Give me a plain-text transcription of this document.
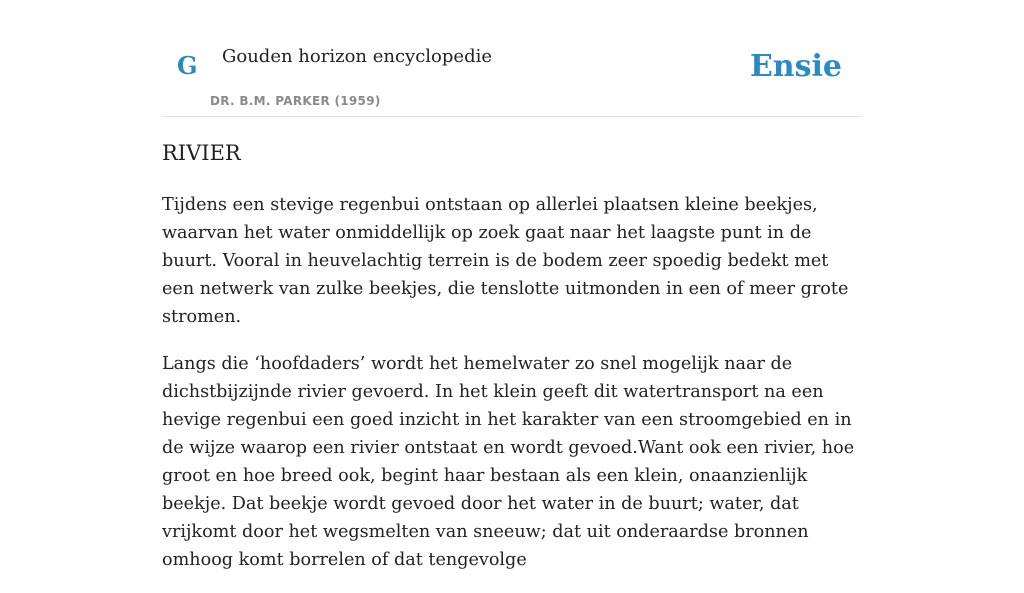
G Gouden horizon encyclopedie
DR. B.M. PARKER (1959)
Ensie
RIVIER

Tijdens een stevige regenbui ontstaan op allerlei plaatsen kleine beekjes, waarvan het water onmiddellijk op zoek gaat naar het laagste punt in de buurt. Vooral in heuvelachtig terrein is de bodem zeer spoedig bedekt met een netwerk van zulke beekjes, die tenslotte uitmonden in een of meer grote stromen.

Langs die ‘hoofdaders’ wordt het hemelwater zo snel mogelijk naar de dichstbijzijnde rivier gevoerd. In het klein geeft dit watertransport na een hevige regenbui een goed inzicht in het karakter van een stroomgebied en in de wijze waarop een rivier ontstaat en wordt gevoed.Want ook een rivier, hoe groot en hoe breed ook, begint haar bestaan als een klein, onaanzienlijk beekje. Dat beekje wordt gevoed door het water in de buurt; water, dat vrijkomt door het wegsmelten van sneeuw; dat uit onderaardse bronnen omhoog komt borrelen of dat tengevolge
